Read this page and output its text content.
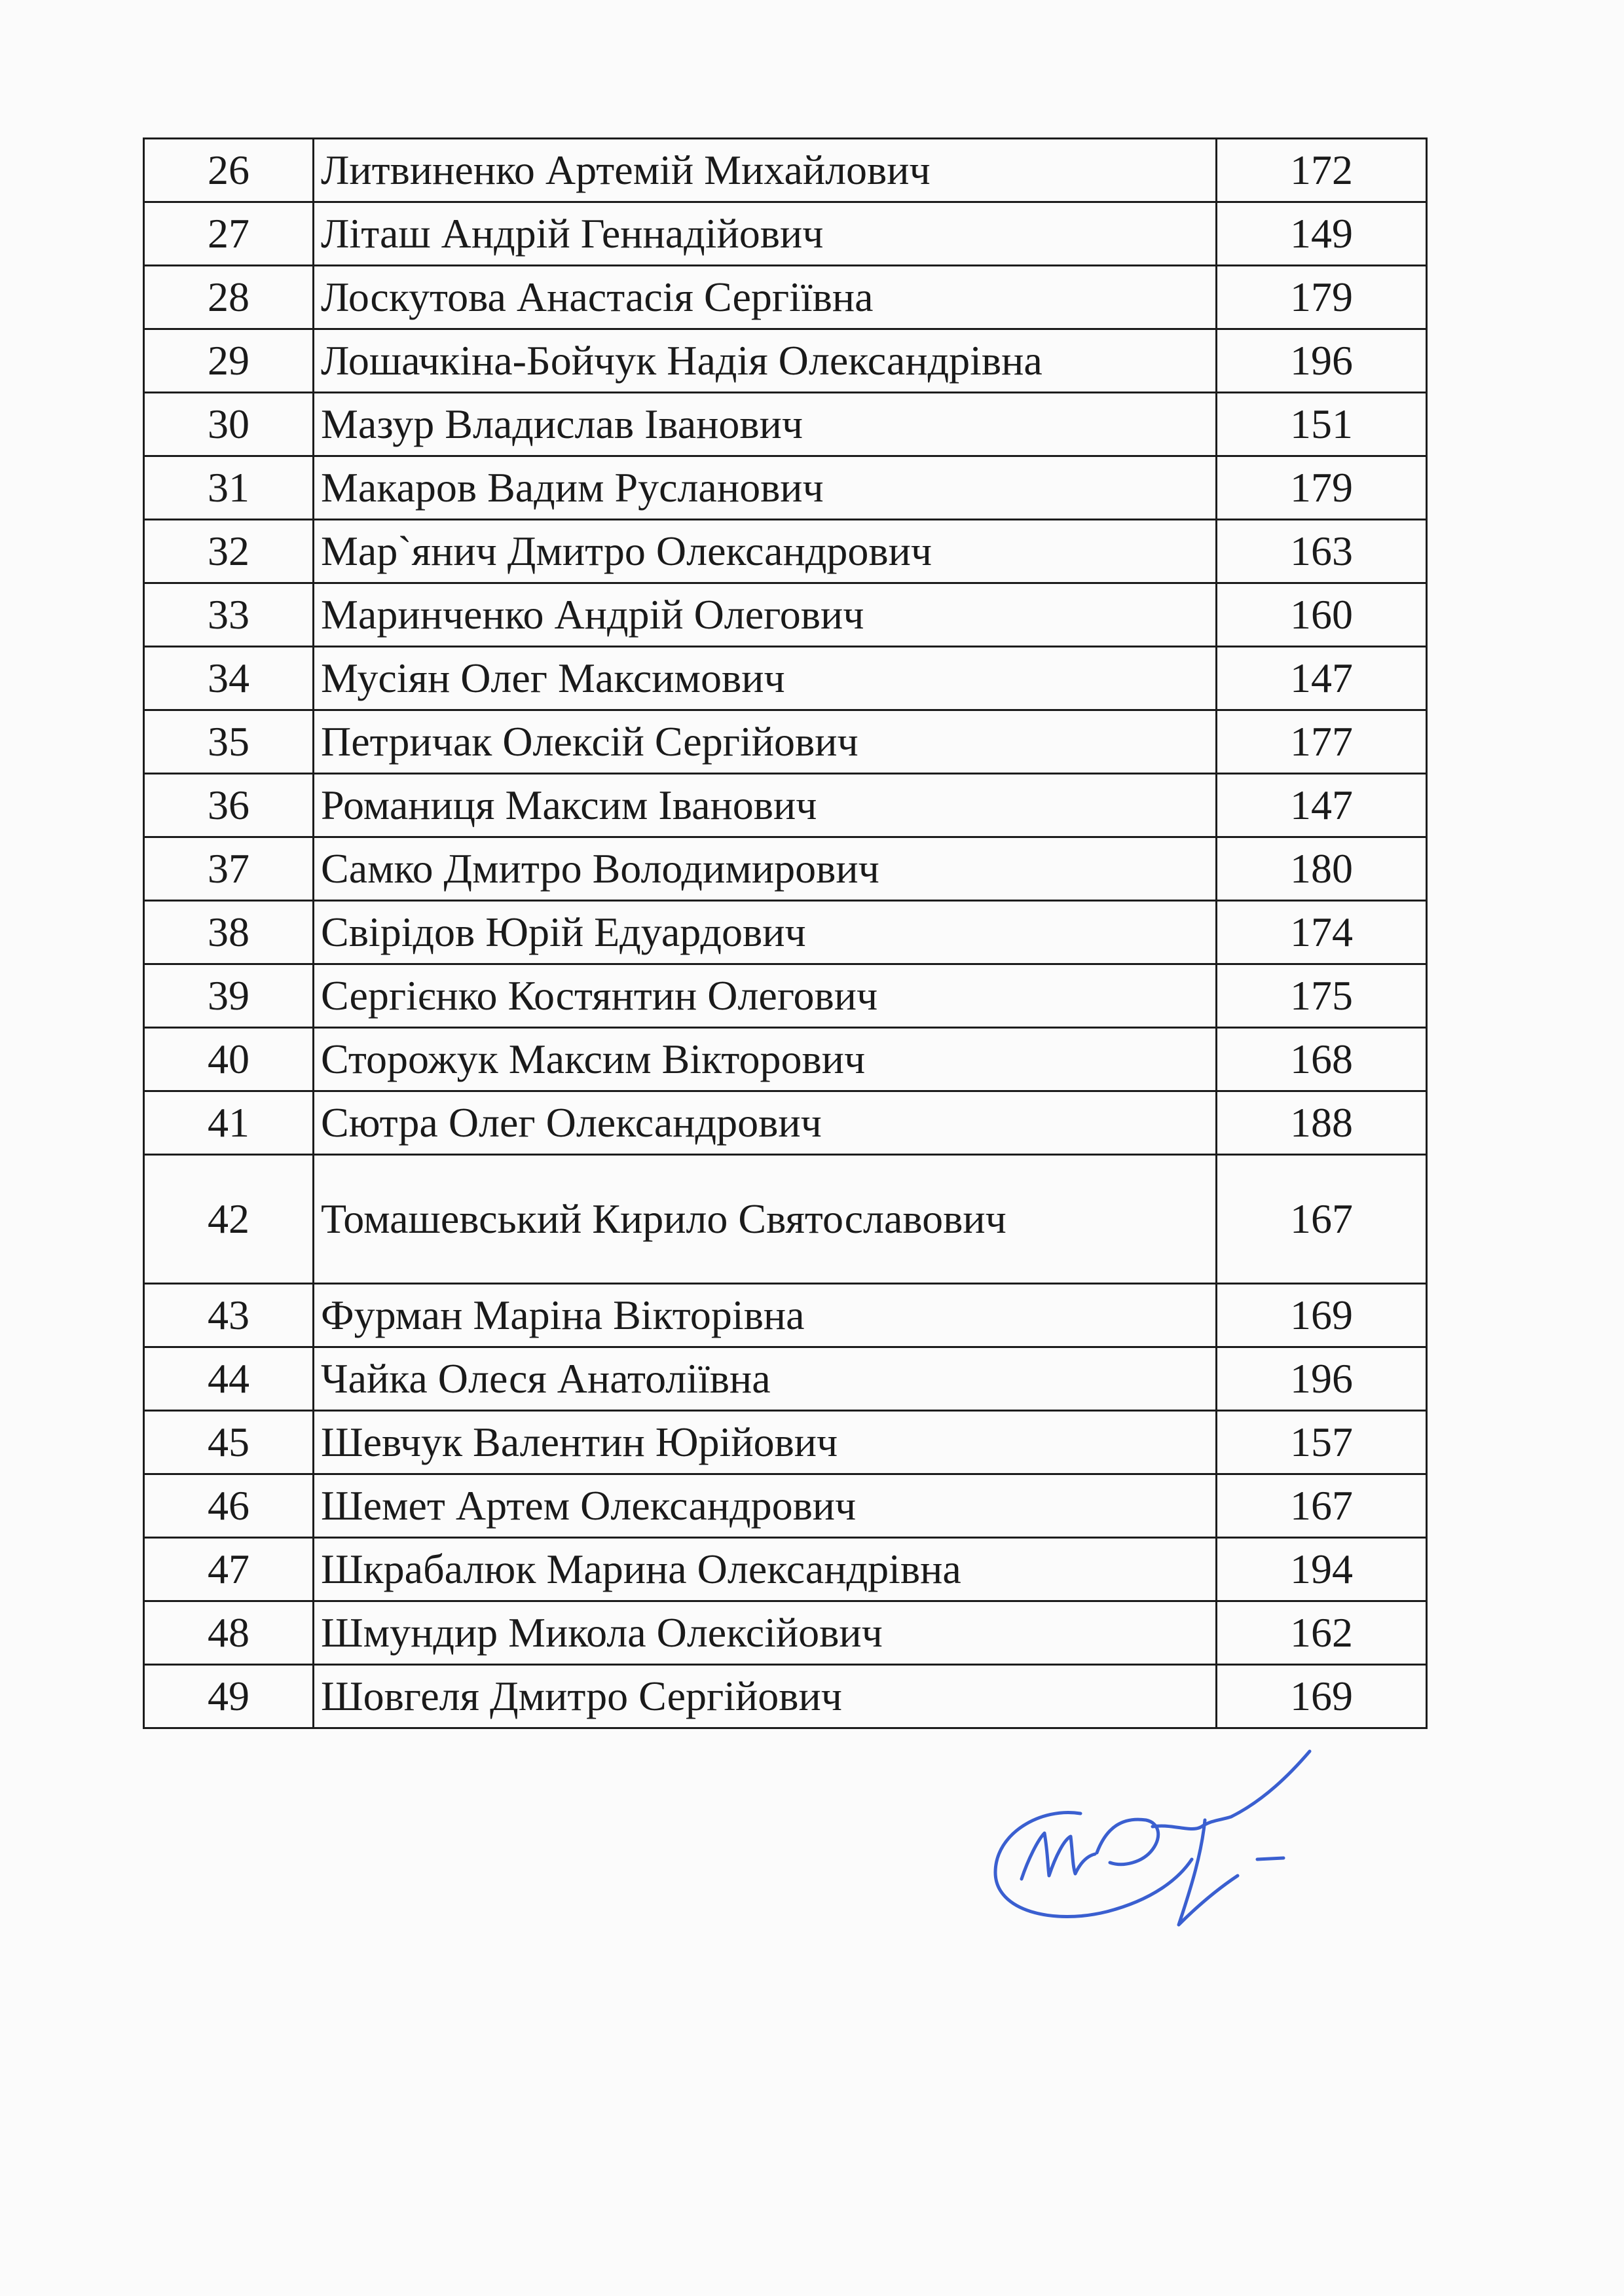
26	Литвиненко Артемій Михайлович	172
27	Літаш Андрій Геннадійович	149
28	Лоскутова Анастасія Сергіївна	179
29	Лошачкіна-Бойчук Надія Олександрівна	196
30	Мазур Владислав Іванович	151
31	Макаров Вадим Русланович	179
32	Мар`янич Дмитро Олександрович	163
33	Маринченко Андрій Олегович	160
34	Мусіян Олег Максимович	147
35	Петричак Олексій Сергійович	177
36	Романиця Максим Іванович	147
37	Самко Дмитро Володимирович	180
38	Свірідов Юрій Едуардович	174
39	Сергієнко Костянтин Олегович	175
40	Сторожук Максим Вікторович	168
41	Сютра Олег Олександрович	188
42	Томашевський Кирило Святославович	167
43	Фурман Маріна Вікторівна	169
44	Чайка Олеся Анатоліївна	196
45	Шевчук Валентин Юрійович	157
46	Шемет Артем Олександрович	167
47	Шкрабалюк Марина Олександрівна	194
48	Шмундир Микола Олексійович	162
49	Шовгеля Дмитро Сергійович	169
